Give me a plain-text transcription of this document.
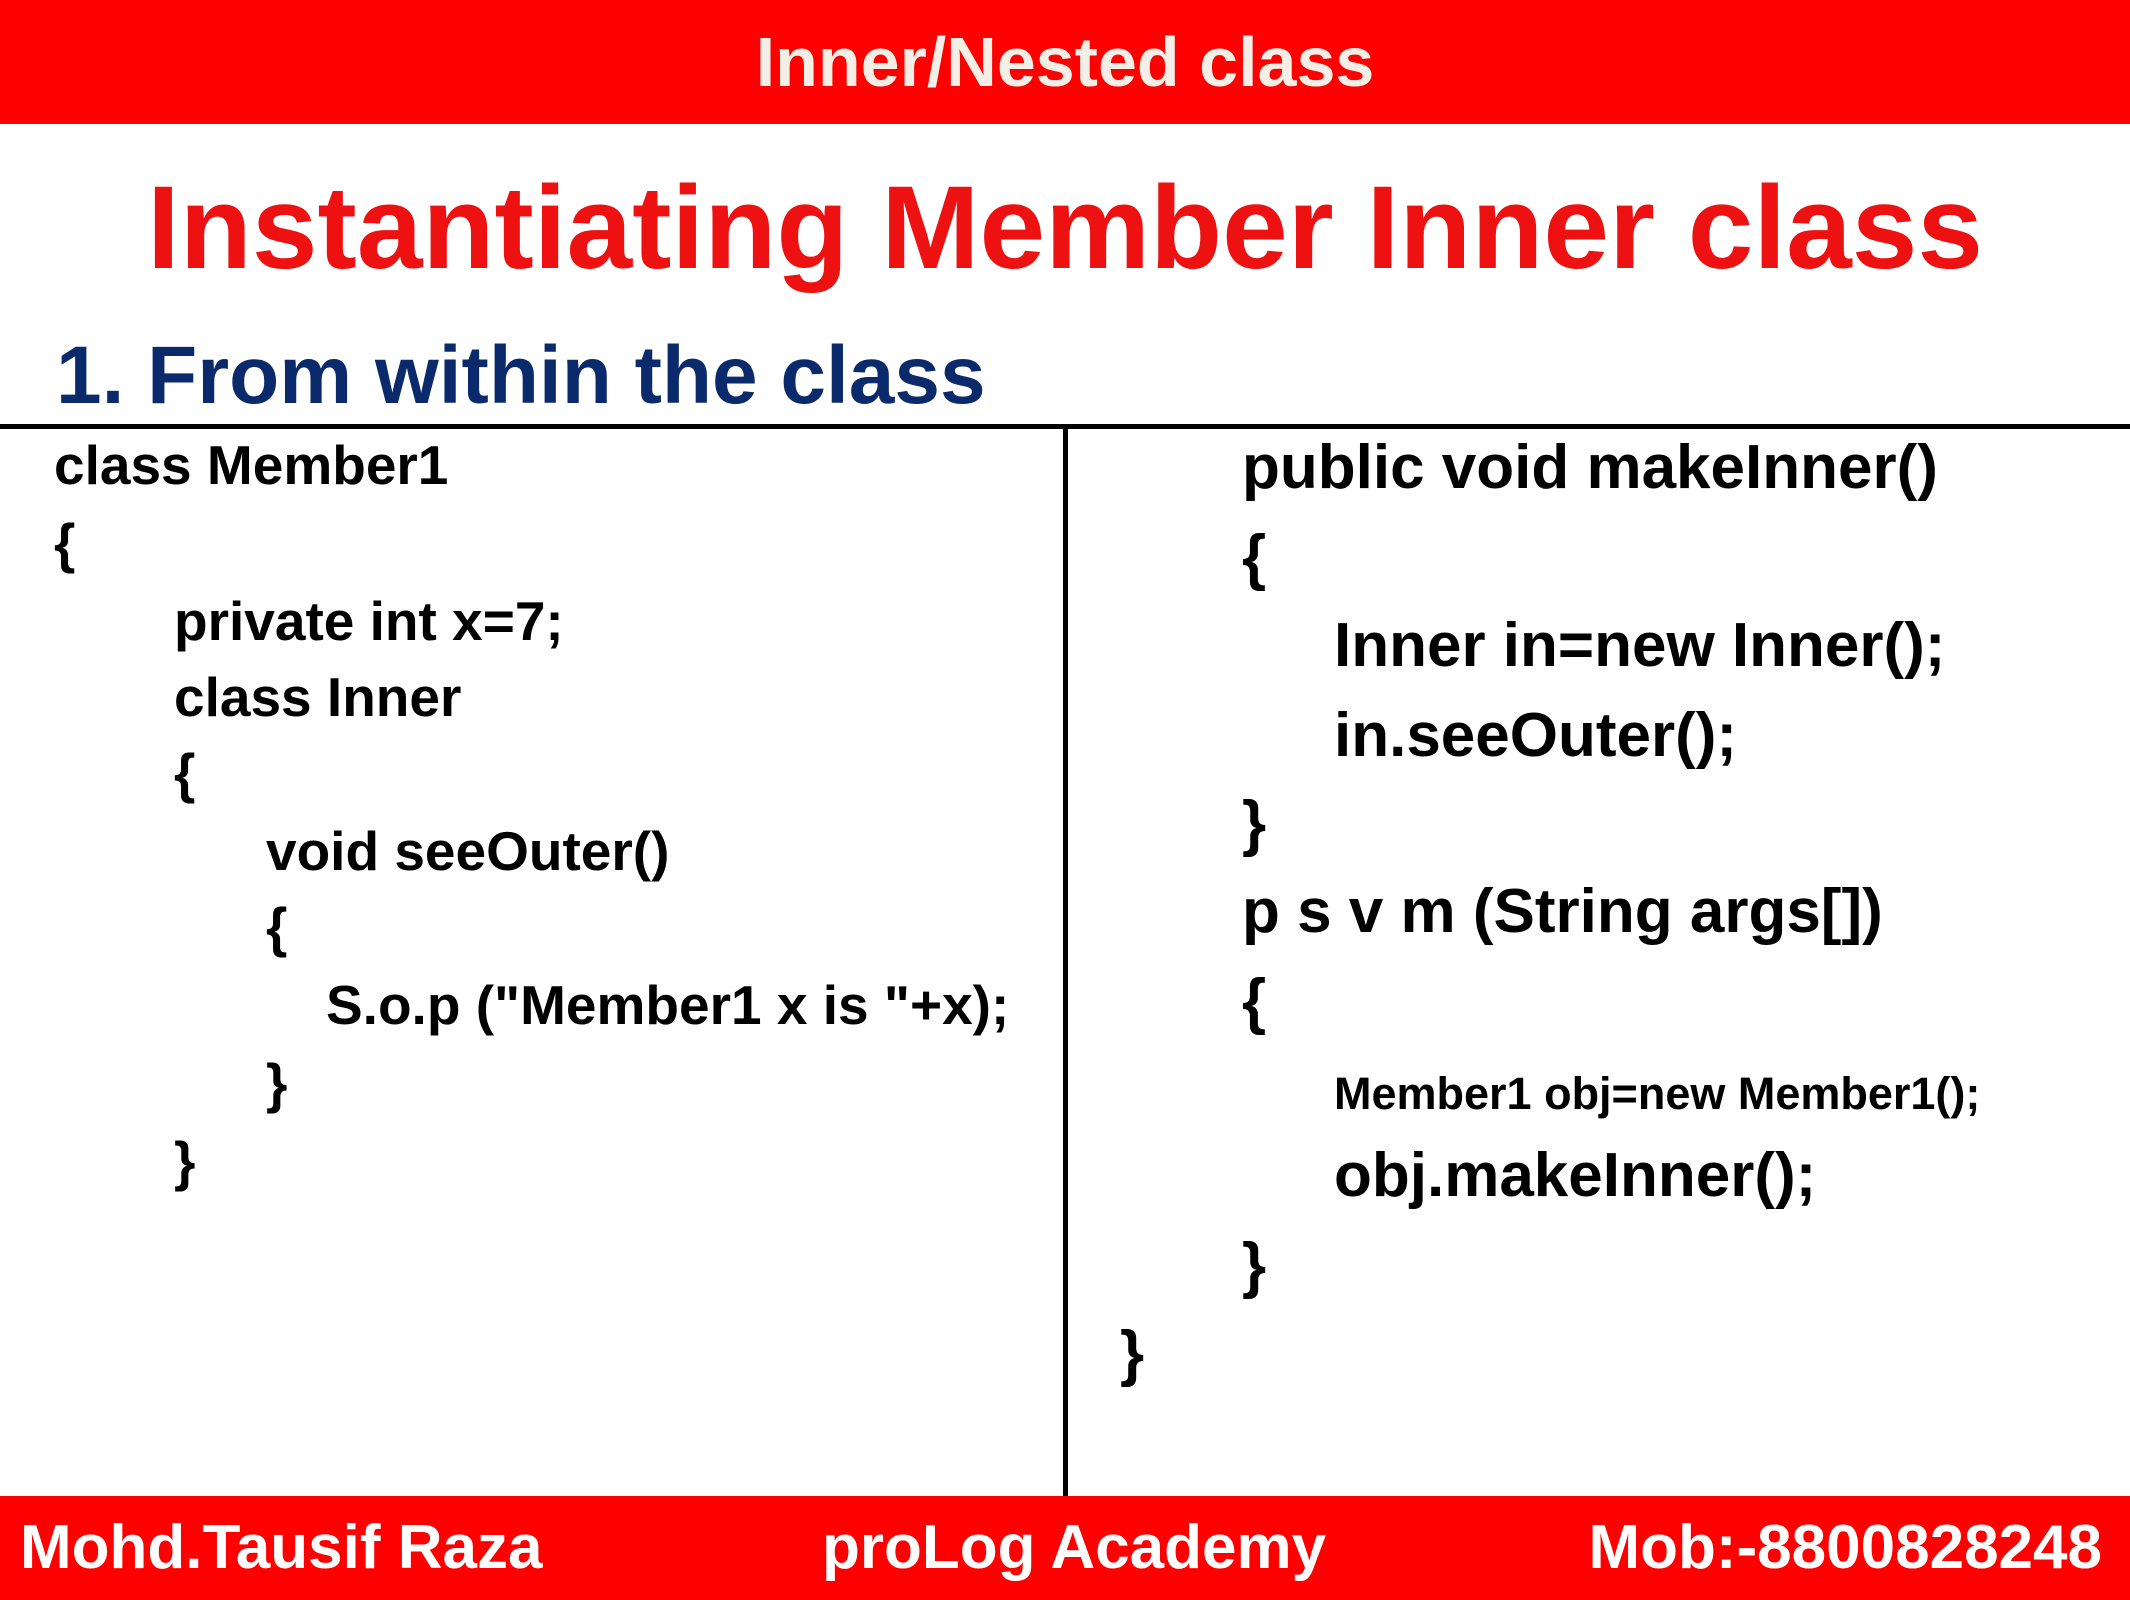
Inner/Nested class
Instantiating Member Inner class
1. From within the class
class Member1
{
private int x=7;
class Inner
{
void seeOuter()
{
S.o.p ("Member1 x is "+x);
}
}
public void makeInner()
{
Inner in=new Inner();
in.seeOuter();
}
p s v m (String args[])
{
Member1 obj=new Member1();
obj.makeInner();
}
}
Mohd.Tausif Raza	proLog Academy	Mob:-8800828248
